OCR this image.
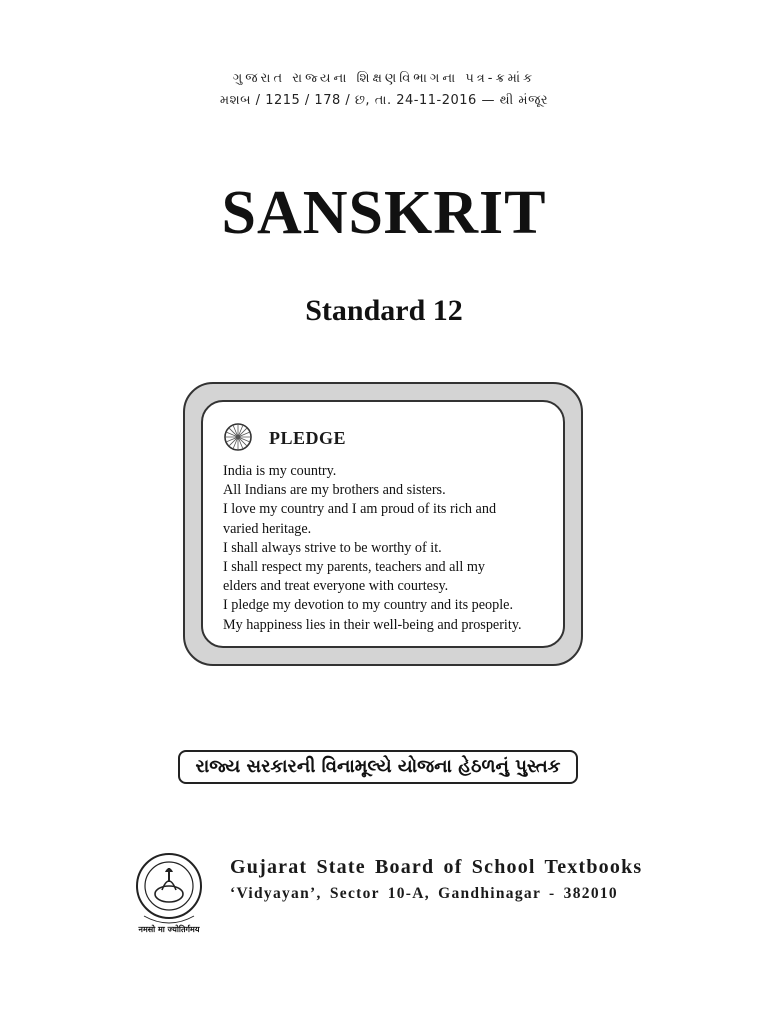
ગુજરાત રાજ્યના શિક્ષણવિભાગના પત્ર-ક્રમાંક
મશબ / 1215 / 178 / છ, તા. 24-11-2016 — થી મંજૂર
SANSKRIT
Standard 12
PLEDGE
India is my country.
All Indians are my brothers and sisters.
I love my country and I am proud of its rich and
varied heritage.
I shall always strive to be worthy of it.
I shall respect my parents, teachers and all my
elders and treat everyone with courtesy.
I pledge my devotion to my country and its people.
My happiness lies in their well-being and prosperity.
રાજ્ય સરકારની વિનામૂલ્યે યોજના હેઠળનું પુસ્તક
नमसो मा ज्योतिर्गमय
Gujarat State Board of School Textbooks
‘Vidyayan’, Sector 10-A, Gandhinagar - 382010
